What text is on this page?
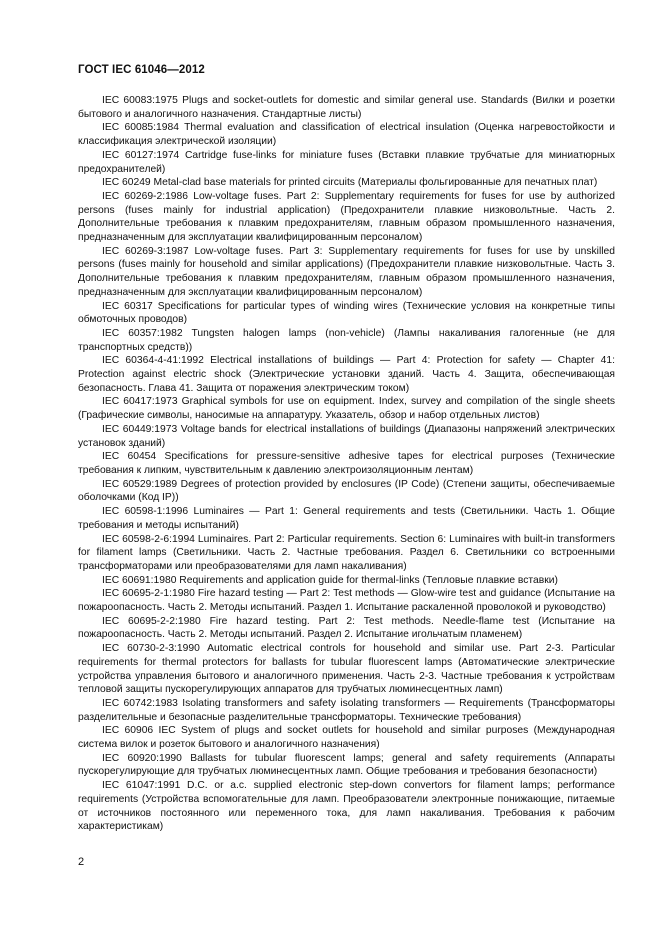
ГОСТ IEC 61046—2012

IEC 60083:1975 Plugs and socket-outlets for domestic and similar general use. Standards (Вилки и розетки бытового и аналогичного назначения. Стандартные листы)

IEC 60085:1984 Thermal evaluation and classification of electrical insulation (Оценка нагревостойкости и классификация электрической изоляции)

IEC 60127:1974 Cartridge fuse-links for miniature fuses (Вставки плавкие трубчатые для миниатюрных предохранителей)

IEC 60249 Metal-clad base materials for printed circuits (Материалы фольгированные для печатных плат)

IEC 60269-2:1986 Low-voltage fuses. Part 2: Supplementary requirements for fuses for use by authorized persons (fuses mainly for industrial application) (Предохранители плавкие низковольтные. Часть 2. Дополнительные требования к плавким предохранителям, главным образом промышленного назначения, предназначенным для эксплуатации квалифицированным персоналом)

IEC 60269-3:1987 Low-voltage fuses. Part 3: Supplementary requirements for fuses for use by unskilled persons (fuses mainly for household and similar applications) (Предохранители плавкие низковольтные. Часть 3. Дополнительные требования к плавким предохранителям, главным образом промышленного назначения, предназначенным для эксплуатации квалифицированным персоналом)

IEC 60317 Specifications for particular types of winding wires (Технические условия на конкретные типы обмоточных проводов)

IEC 60357:1982 Tungsten halogen lamps (non-vehicle) (Лампы накаливания галогенные (не для транспортных средств))

IEC 60364-4-41:1992 Electrical installations of buildings — Part 4: Protection for safety — Chapter 41: Protection against electric shock (Электрические установки зданий. Часть 4. Защита, обеспечивающая безопасность. Глава 41. Защита от поражения электрическим током)

IEC 60417:1973 Graphical symbols for use on equipment. Index, survey and compilation of the single sheets (Графические символы, наносимые на аппаратуру. Указатель, обзор и набор отдельных листов)

IEC 60449:1973 Voltage bands for electrical installations of buildings (Диапазоны напряжений электрических установок зданий)

IEC 60454 Specifications for pressure-sensitive adhesive tapes for electrical purposes (Технические требования к липким, чувствительным к давлению электроизоляционным лентам)

IEC 60529:1989 Degrees of protection provided by enclosures (IP Code) (Степени защиты, обеспечиваемые оболочками (Код IP))

IEC 60598-1:1996 Luminaires — Part 1: General requirements and tests (Светильники. Часть 1. Общие требования и методы испытаний)

IEC 60598-2-6:1994 Luminaires. Part 2: Particular requirements. Section 6: Luminaires with built-in transformers for filament lamps (Светильники. Часть 2. Частные требования. Раздел 6. Светильники со встроенными трансформаторами или преобразователями для ламп накаливания)

IEC 60691:1980 Requirements and application guide for thermal-links (Тепловые плавкие вставки)

IEC 60695-2-1:1980 Fire hazard testing — Part 2: Test methods — Glow-wire test and guidance (Испытание на пожароопасность. Часть 2. Методы испытаний. Раздел 1. Испытание раскаленной проволокой и руководство)

IEC 60695-2-2:1980 Fire hazard testing. Part 2: Test methods. Needle-flame test (Испытание на пожароопасность. Часть 2. Методы испытаний. Раздел 2. Испытание игольчатым пламенем)

IEC 60730-2-3:1990 Automatic electrical controls for household and similar use. Part 2-3. Particular requirements for thermal protectors for ballasts for tubular fluorescent lamps (Автоматические электрические устройства управления бытового и аналогичного применения. Часть 2-3. Частные требования к устройствам тепловой защиты пускорегулирующих аппаратов для трубчатых люминесцентных ламп)

IEC 60742:1983 Isolating transformers and safety isolating transformers — Requirements (Трансформаторы разделительные и безопасные разделительные трансформаторы. Технические требования)

IEC 60906 IEC System of plugs and socket outlets for household and similar purposes (Международная система вилок и розеток бытового и аналогичного назначения)

IEC 60920:1990 Ballasts for tubular fluorescent lamps; general and safety requirements (Аппараты пускорегулирующие для трубчатых люминесцентных ламп. Общие требования и требования безопасности)

IEC 61047:1991 D.C. or a.c. supplied electronic step-down convertors for filament lamps; performance requirements (Устройства вспомогательные для ламп. Преобразователи электронные понижающие, питаемые от источников постоянного или переменного тока, для ламп накаливания. Требования к рабочим характеристикам)

2
